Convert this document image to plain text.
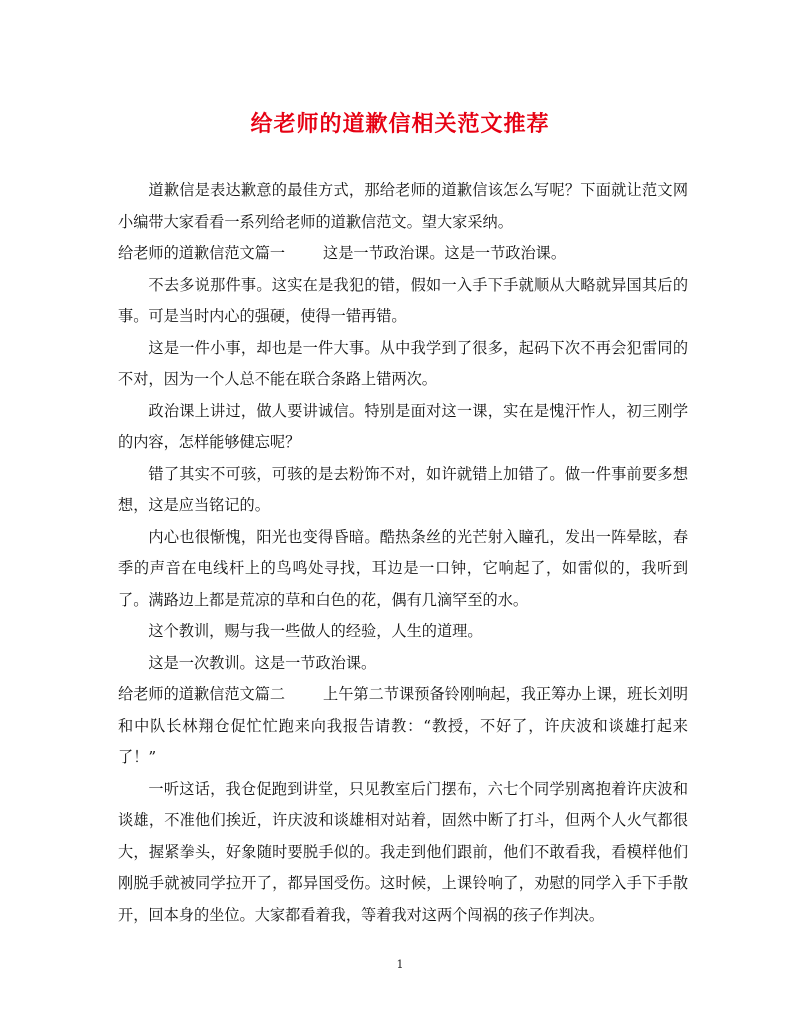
给老师的道歉信相关范文推荐

道歉信是表达歉意的最佳方式，那给老师的道歉信该怎么写呢？下面就让范文网小编带大家看看一系列给老师的道歉信范文。望大家采纳。

给老师的道歉信范文篇一 这是一节政治课。这是一节政治课。

不去多说那件事。这实在是我犯的错，假如一入手下手就顺从大略就异国其后的事。可是当时内心的强硬，使得一错再错。

这是一件小事，却也是一件大事。从中我学到了很多，起码下次不再会犯雷同的不对，因为一个人总不能在联合条路上错两次。

政治课上讲过，做人要讲诚信。特别是面对这一课，实在是愧汗怍人，初三刚学的内容，怎样能够健忘呢？

错了其实不可骇，可骇的是去粉饰不对，如许就错上加错了。做一件事前要多想想，这是应当铭记的。

内心也很惭愧，阳光也变得昏暗。酷热条丝的光芒射入瞳孔，发出一阵晕眩，春季的声音在电线杆上的鸟鸣处寻找，耳边是一口钟，它响起了，如雷似的，我听到了。满路边上都是荒凉的草和白色的花，偶有几滴罕至的水。

这个教训，赐与我一些做人的经验，人生的道理。

这是一次教训。这是一节政治课。

给老师的道歉信范文篇二 上午第二节课预备铃刚响起，我正筹办上课，班长刘明和中队长林翔仓促忙忙跑来向我报告请教：“教授，不好了，许庆波和谈雄打起来了！”

一听这话，我仓促跑到讲堂，只见教室后门摆布，六七个同学别离抱着许庆波和谈雄，不准他们挨近，许庆波和谈雄相对站着，固然中断了打斗，但两个人火气都很大，握紧拳头，好象随时要脱手似的。我走到他们跟前，他们不敢看我，看模样他们刚脱手就被同学拉开了，都异国受伤。这时候，上课铃响了，劝慰的同学入手下手散开，回本身的坐位。大家都看着我，等着我对这两个闯祸的孩子作判决。

1
